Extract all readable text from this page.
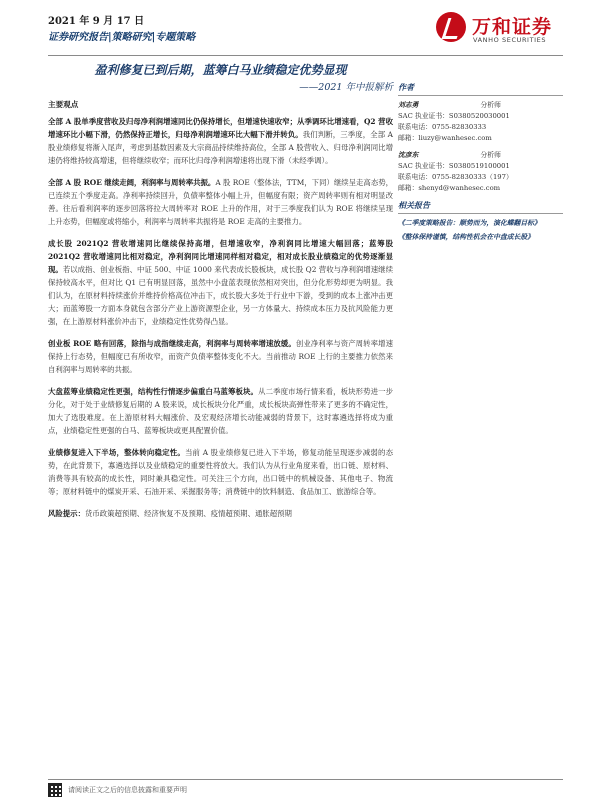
2021 年 9 月 17 日
证券研究报告|策略研究|专题策略	万和证券
VANHO SECURITIES
盈利修复已到后期，蓝筹白马业绩稳定优势显现
——2021 年中报解析
主要观点

全部 A 股单季度营收及归母净利润增速同比仍保持增长，但增速快速收窄；从季调环比增速看，Q2 营收增速环比小幅下滑，仍然保持正增长，归母净利润增速环比大幅下滑并转负。我们判断，三季度，全部 A 股业绩修复将渐入尾声，考虑到基数因素及大宗商品持续维持高位，全部 A 股营收入、归母净利润同比增速仍将维持较高增速，但将继续收窄；而环比归母净利润增速将出现下滑（未经季调）。

全部 A 股 ROE 继续走阔，利润率与周转率共振。A 股 ROE（整体法，TTM，下同）继续呈走高态势，已连续五个季度走高。净利率持续回升，负债率整体小幅上升，但幅度有限；资产周转率则有相对明显改善。往后看利润率的逐步回落将拉大周转率对 ROE 上升的作用，对于三季度我们认为 ROE 将继续呈现上升态势，但幅度或将缩小，利润率与周转率共振将是 ROE 走高的主要推力。

成长股 2021Q2 营收增速同比继续保持高增，但增速收窄，净利润同比增速大幅回落；蓝筹股 2021Q2 营收增速同比相对稳定，净利润同比增速同样相对稳定，相对成长股业绩稳定的优势逐渐显现。若以成指、创业板指、中证 500、中证 1000 来代表成长股板块，成长股 Q2 营收与净利润增速继续保持较高水平，但对比 Q1 已有明显回落，虽然中小盘蓝表现依然相对突出，但分化形势却更为明显。我们认为，在原材料持续涨价并维持价格高位冲击下，成长股大多处于行业中下游，受到的成本上涨冲击更大；而蓝筹股一方面本身就包含部分产业上游资源型企业，另一方体量大、持续成本压力及抗风险能力更强，在上游原材料涨价冲击下，业绩稳定性优势得凸显。

创业板 ROE 略有回落，除指与成指继续走高，利润率与周转率增速放缓。创业净利率与资产周转率增速保持上行态势，但幅度已有所收窄，而资产负债率整体变化不大。当前推动 ROE 上行的主要推力依然来自利润率与周转率的共振。

大盘蓝筹业绩稳定性更强，结构性行情逐步偏重白马蓝筹板块。从二季度市场行情来看，板块形势进一步分化，对于处于业绩修复后期的 A 股来说，成长板块分化严重，成长板块高弹性带来了更多的不确定性，加大了选股难度。在上游原材料大幅涨价、及宏观经济增长动能减弱的背景下，这时寡遴选择将成为重点，业绩稳定性更强的白马、蓝筹板块或更具配置价值。

业绩修复进入下半场，整体转向稳定性。当前 A 股业绩修复已进入下半场，修复动能呈现逐步减弱的态势，在此背景下，寡遴选择以及业绩稳定的重要性将放大。我们认为从行业角度来看，出口链、原材料、消费等具有较高的成长性，同时兼具稳定性。可关注三个方向，出口链中的机械设备、其他电子、物流等；原材料链中的煤炭开采、石油开采、采掘服务等；消费链中的饮料制造、食品加工、旅游综合等。

风险提示：货币政策超预期、经济恢复不及预期、疫情超预期、通胀超预期

作者
刘志勇	分析师
SAC 执业证书：S0380520030001
联系电话：0755-82830333
邮箱：liuzy@wanhesec.com
沈彦东	分析师
SAC 执业证书：S0380519100001
联系电话：0755-82830333（197）
邮箱：shenyd@wanhesec.com
相关报告
《二季度策略报告：顺势而为，演化蝶翻目标》
《整体保持谨慎，结构性机会在中盘成长股》
请阅读正文之后的信息披露和重要声明
